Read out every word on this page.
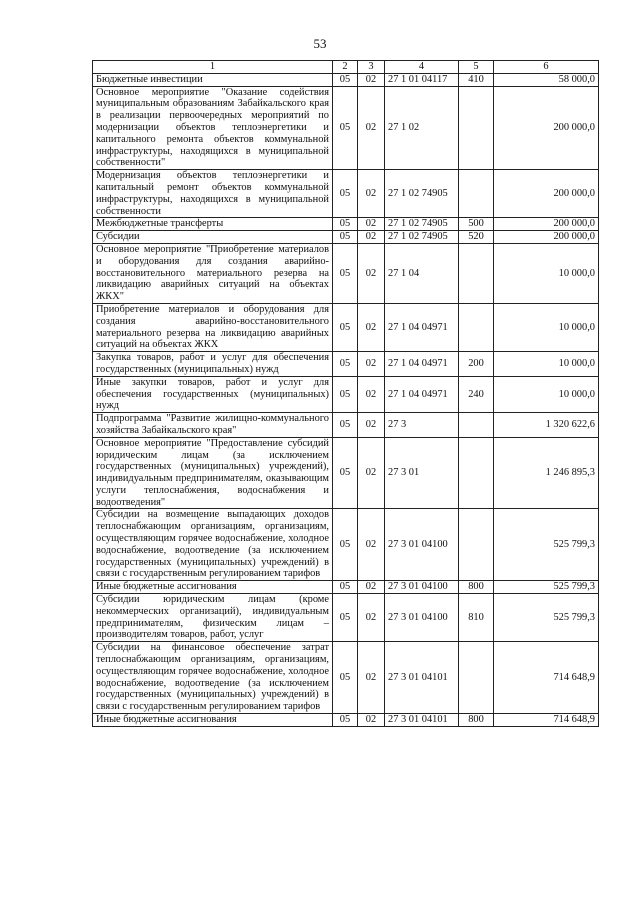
53
1	2	3	4	5	6
Бюджетные инвестиции	05	02	27 1 01 04117	410	58 000,0
Основное мероприятие "Оказание содействия муниципальным образованиям Забайкальского края в реализации первоочередных мероприятий по модернизации объектов теплоэнергетики и капитального ремонта объектов коммунальной инфраструктуры, находящихся в муниципальной собственности"	05	02	27 1 02		200 000,0
Модернизация объектов теплоэнергетики и капитальный ремонт объектов коммунальной инфраструктуры, находящихся в муниципальной собственности	05	02	27 1 02 74905		200 000,0
Межбюджетные трансферты	05	02	27 1 02 74905	500	200 000,0
Субсидии	05	02	27 1 02 74905	520	200 000,0
Основное мероприятие "Приобретение материалов и оборудования для создания аварийно-восстановительного материального резерва на ликвидацию аварийных ситуаций на объектах ЖКХ"	05	02	27 1 04		10 000,0
Приобретение материалов и оборудования для создания аварийно-восстановительного материального резерва на ликвидацию аварийных ситуаций на объектах ЖКХ	05	02	27 1 04 04971		10 000,0
Закупка товаров, работ и услуг для обеспечения государственных (муниципальных) нужд	05	02	27 1 04 04971	200	10 000,0
Иные закупки товаров, работ и услуг для обеспечения государственных (муниципальных) нужд	05	02	27 1 04 04971	240	10 000,0
Подпрограмма "Развитие жилищно-коммунального хозяйства Забайкальского края"	05	02	27 3		1 320 622,6
Основное мероприятие "Предоставление субсидий юридическим лицам (за исключением государственных (муниципальных) учреждений), индивидуальным предпринимателям, оказывающим услуги теплоснабжения, водоснабжения и водоотведения"	05	02	27 3 01		1 246 895,3
Субсидии на возмещение выпадающих доходов теплоснабжающим организациям, организациям, осуществляющим горячее водоснабжение, холодное водоснабжение, водоотведение (за исключением государственных (муниципальных) учреждений) в связи с государственным регулированием тарифов	05	02	27 3 01 04100		525 799,3
Иные бюджетные ассигнования	05	02	27 3 01 04100	800	525 799,3
Субсидии юридическим лицам (кроме некоммерческих организаций), индивидуальным предпринимателям, физическим лицам – производителям товаров, работ, услуг	05	02	27 3 01 04100	810	525 799,3
Субсидии на финансовое обеспечение затрат теплоснабжающим организациям, организациям, осуществляющим горячее водоснабжение, холодное водоснабжение, водоотведение (за исключением государственных (муниципальных) учреждений) в связи с государственным регулированием тарифов	05	02	27 3 01 04101		714 648,9
Иные бюджетные ассигнования	05	02	27 3 01 04101	800	714 648,9
